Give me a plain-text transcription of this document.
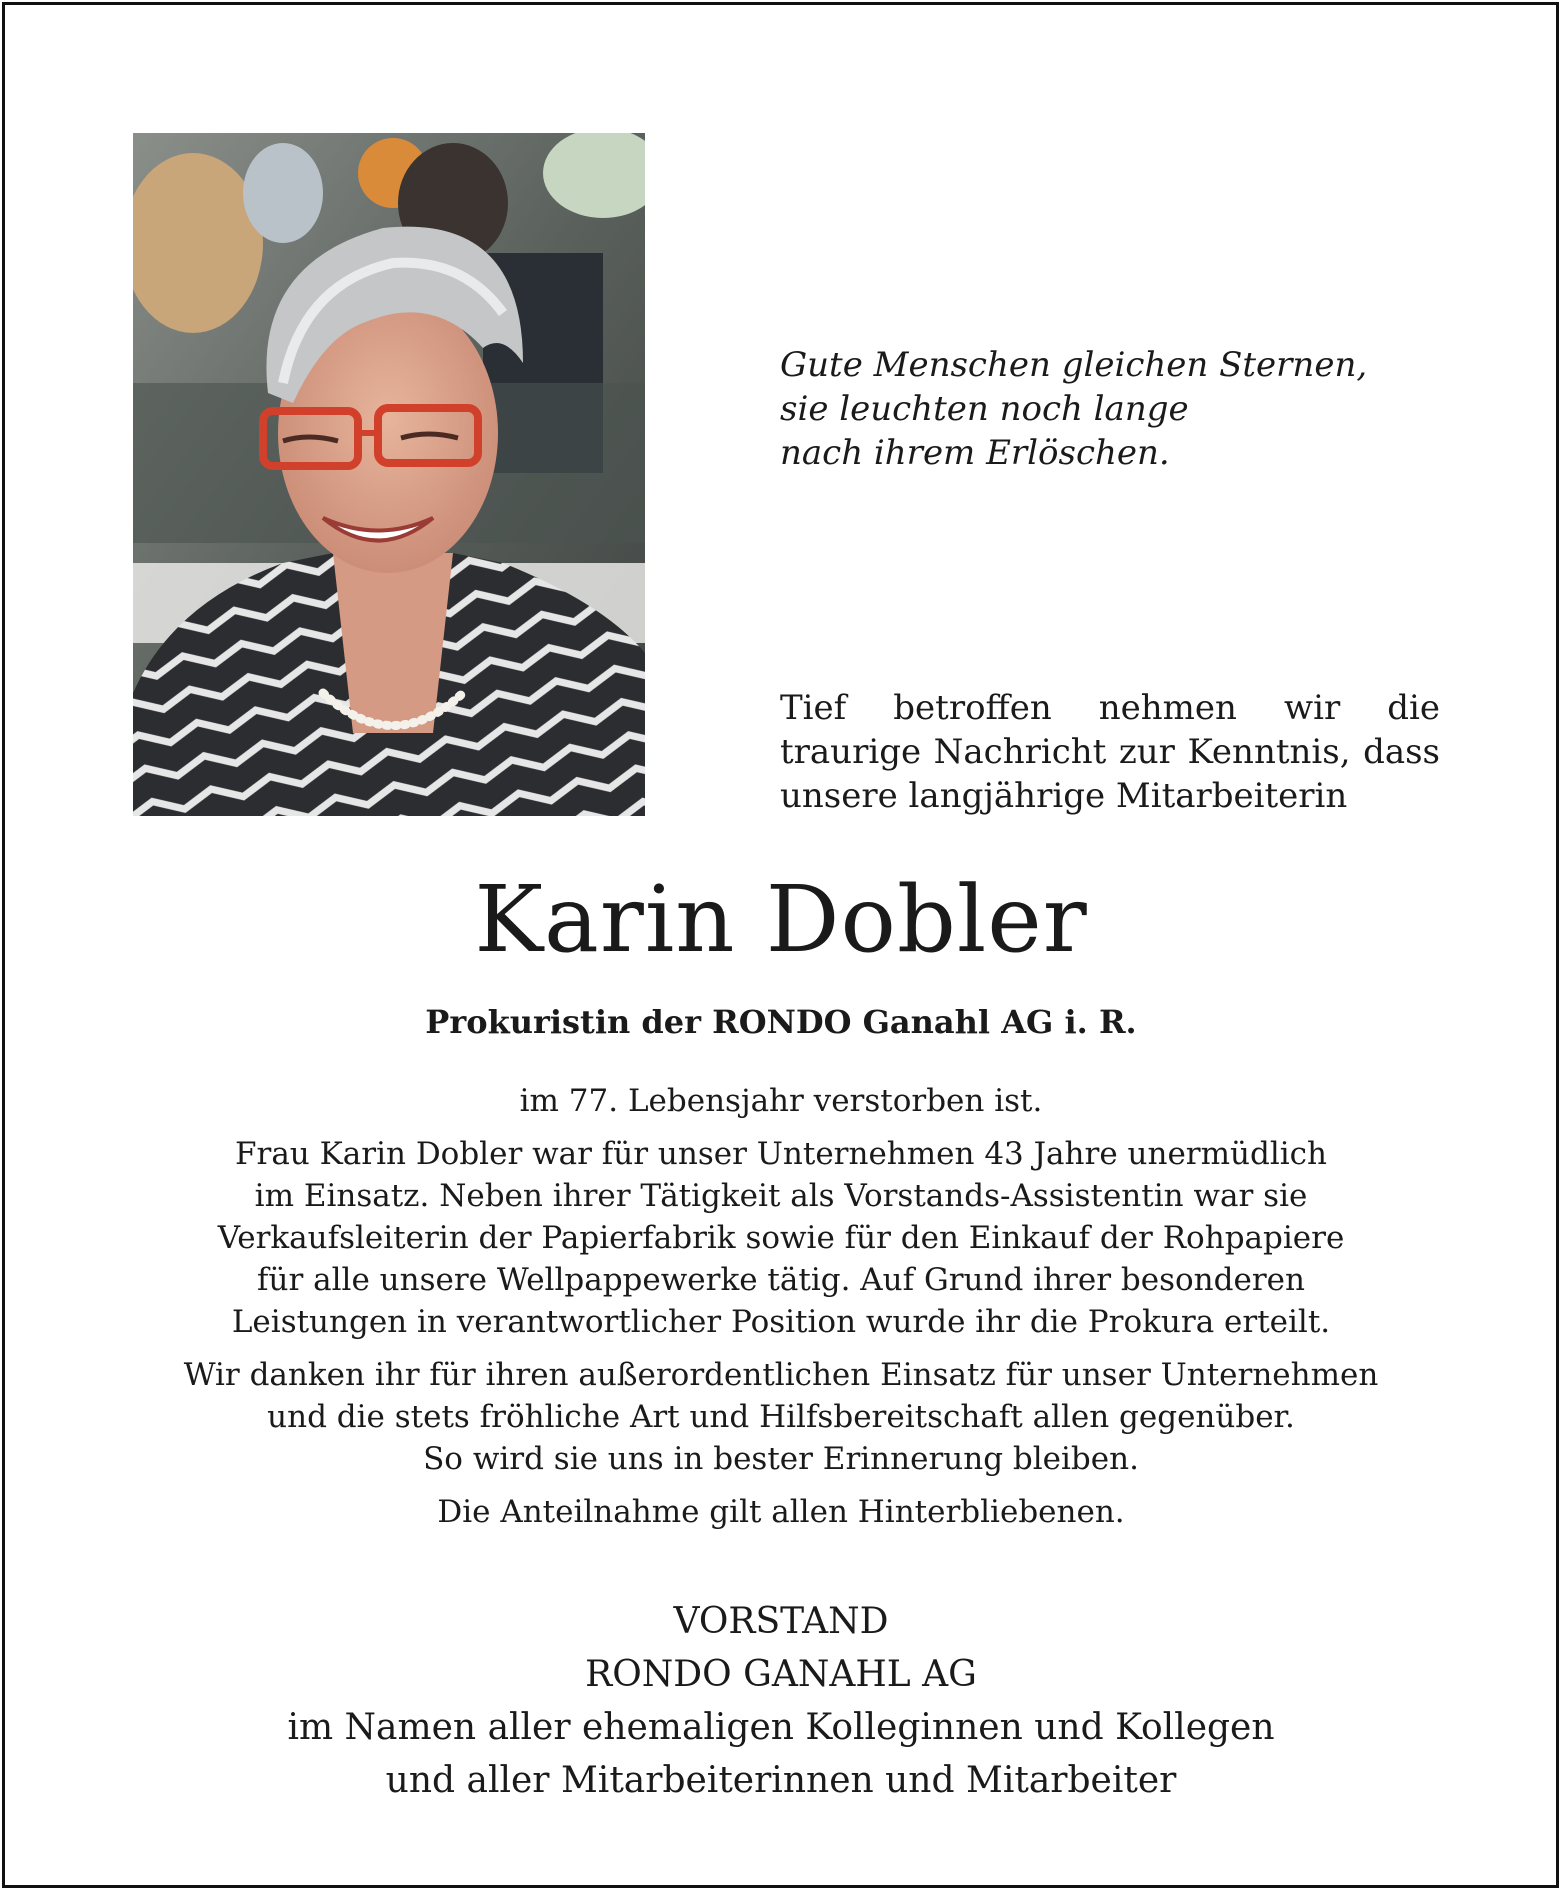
Gute Menschen gleichen Sternen,
sie leuchten noch lange
nach ihrem Erlöschen.

Tief betroffen nehmen wir die traurige Nachricht zur Kenntnis, dass unsere langjährige Mitarbeiterin

Karin Dobler
Prokuristin der RONDO Ganahl AG i. R.

im 77. Lebensjahr verstorben ist.

Frau Karin Dobler war für unser Unternehmen 43 Jahre unermüdlich
im Einsatz. Neben ihrer Tätigkeit als Vorstands-Assistentin war sie
Verkaufsleiterin der Papierfabrik sowie für den Einkauf der Rohpapiere
für alle unsere Wellpappewerke tätig. Auf Grund ihrer besonderen
Leistungen in verantwortlicher Position wurde ihr die Prokura erteilt.

Wir danken ihr für ihren außerordentlichen Einsatz für unser Unternehmen
und die stets fröhliche Art und Hilfsbereitschaft allen gegenüber.
So wird sie uns in bester Erinnerung bleiben.

Die Anteilnahme gilt allen Hinterbliebenen.

VORSTAND
RONDO GANAHL AG
im Namen aller ehemaligen Kolleginnen und Kollegen
und aller Mitarbeiterinnen und Mitarbeiter
